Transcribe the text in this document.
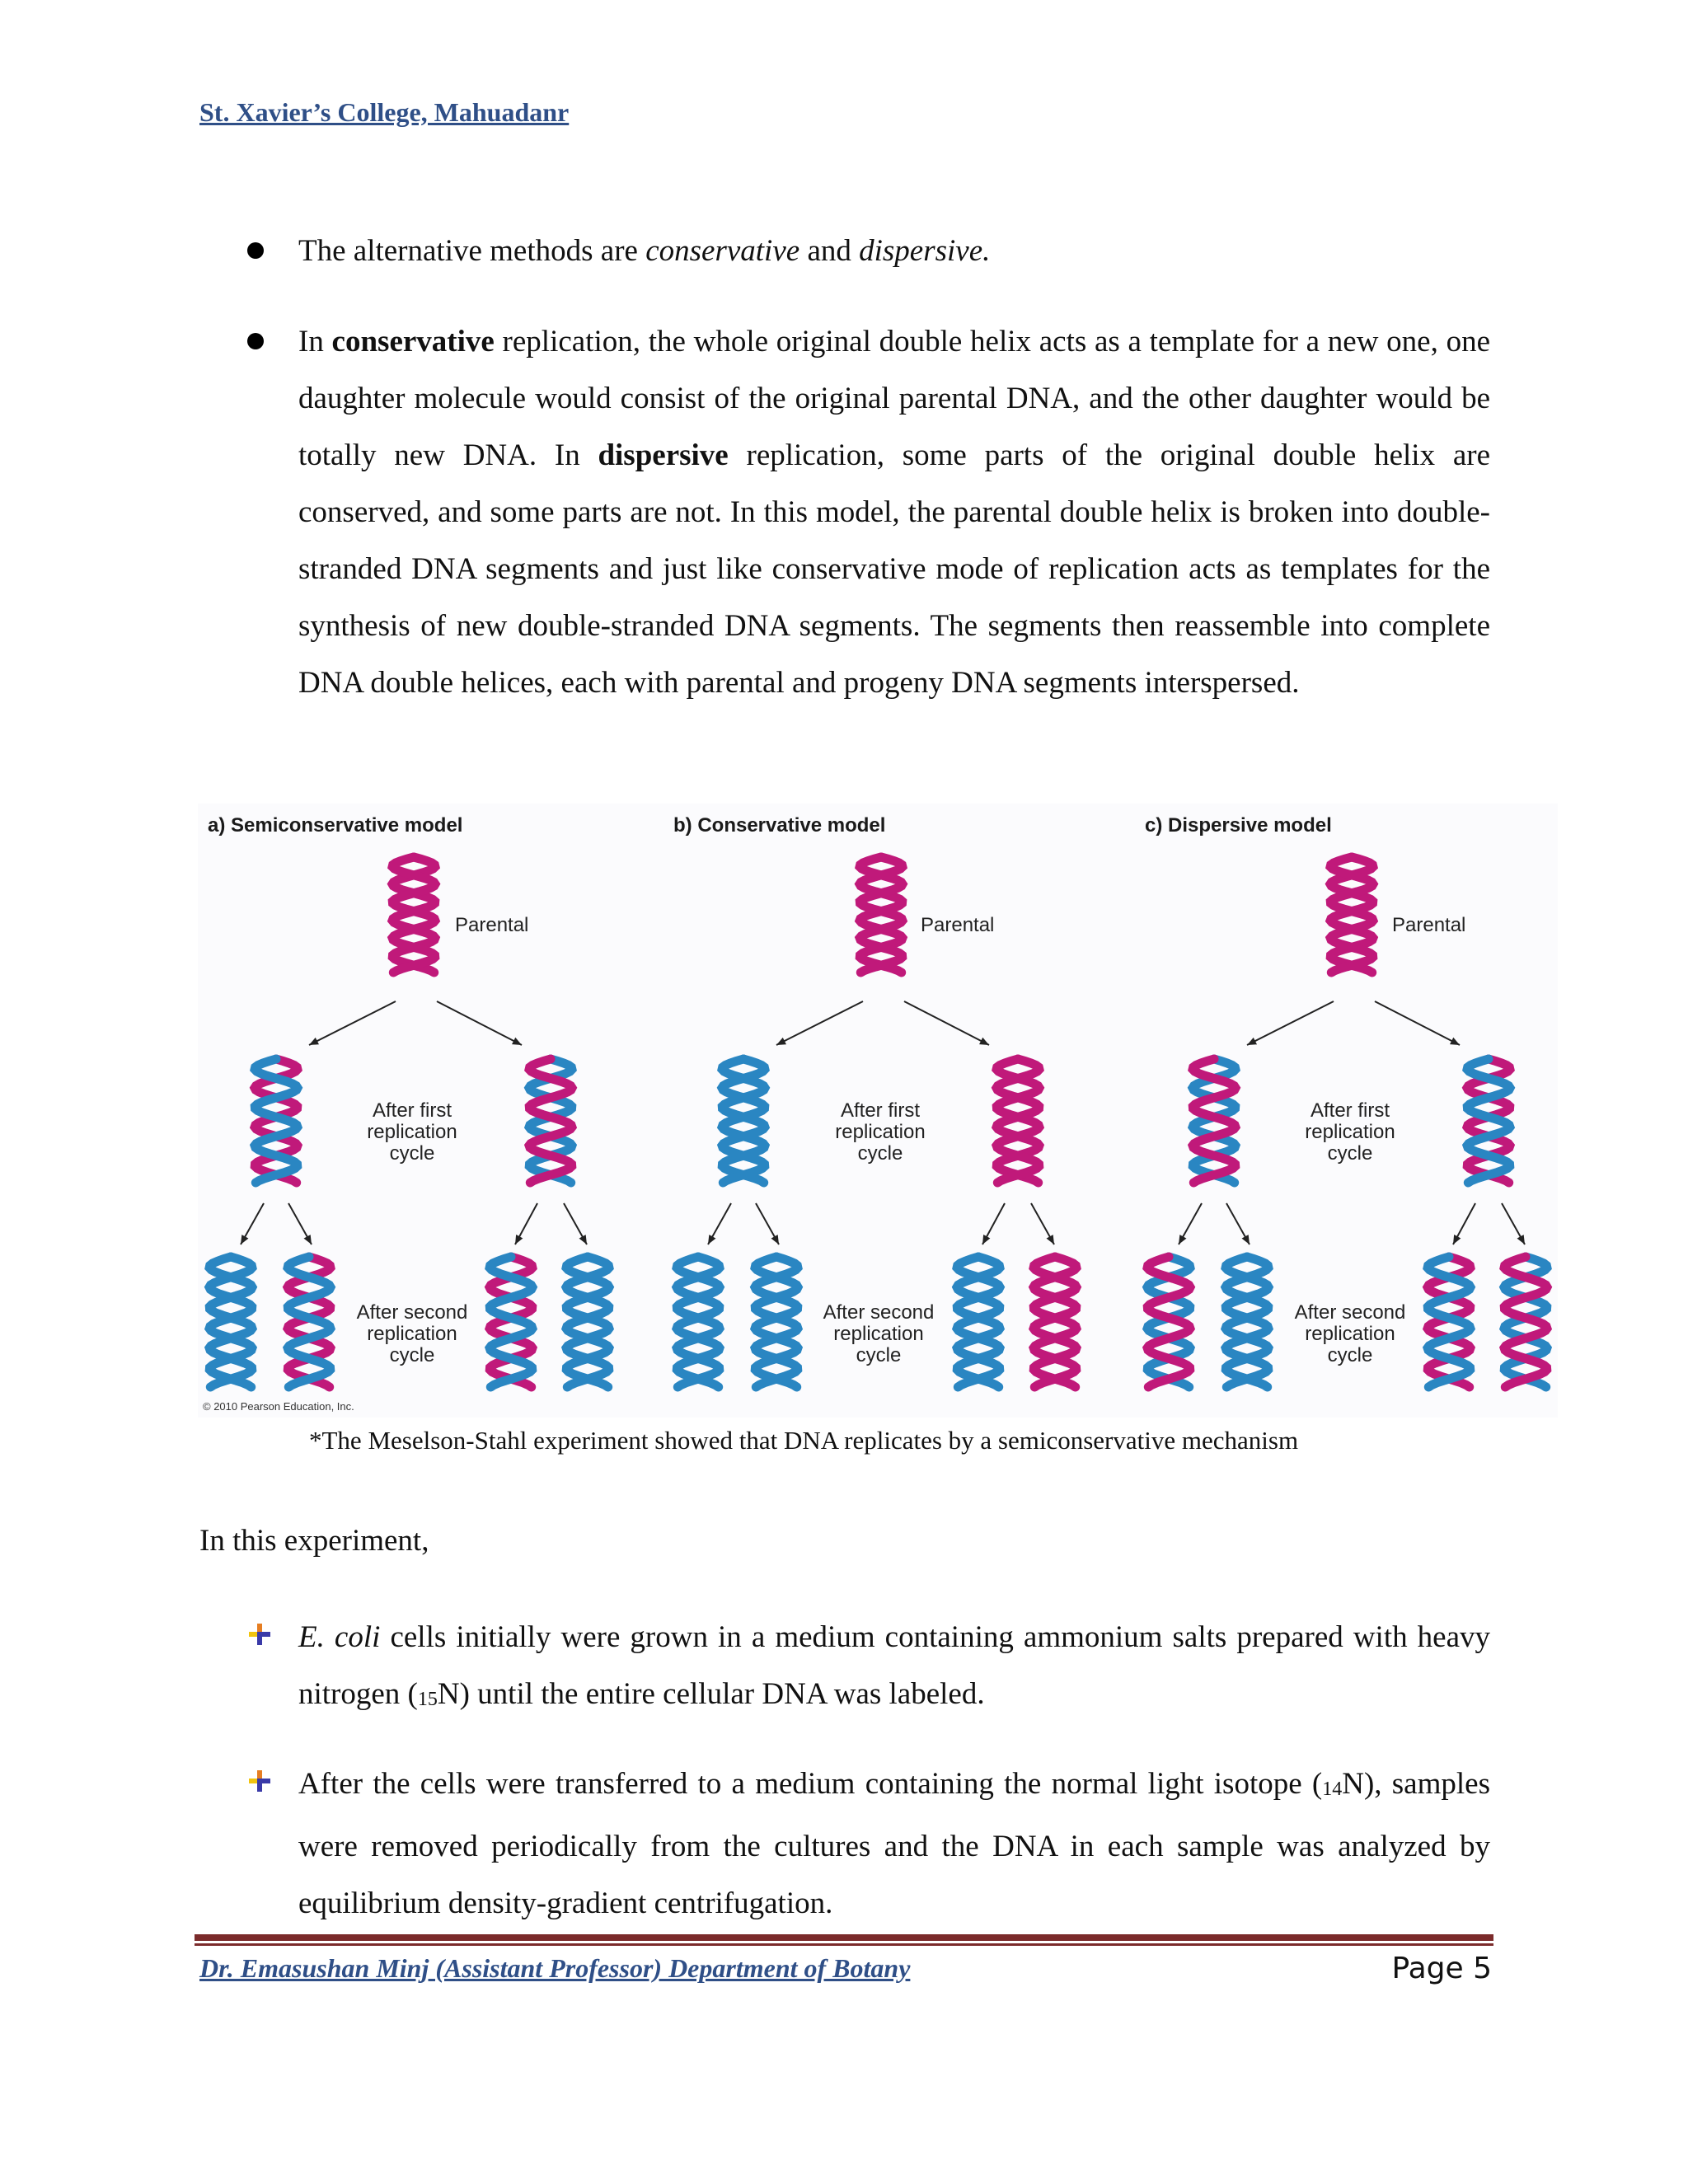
St. Xavier’s College, Mahuadanr
The alternative methods are conservative and dispersive.
In conservative replication, the whole original double helix acts as a template for a new one, one daughter molecule would consist of the original parental DNA, and the other daughter would be totally new DNA. In dispersive replication, some parts of the original double helix are conserved, and some parts are not. In this model, the parental double helix is broken into double-stranded DNA segments and just like conservative mode of replication acts as templates for the synthesis of new double-stranded DNA segments. The segments then reassemble into complete DNA double helices, each with parental and progeny DNA segments interspersed.
a) Semiconservative model	b) Conservative model	c) Dispersive model
Parental	Parental	Parental
After first
replication
cycle
After first
replication
cycle
After first
replication
cycle
After second
replication
cycle
After second
replication
cycle
After second
replication
cycle
© 2010 Pearson Education, Inc.
*The Meselson-Stahl experiment showed that DNA replicates by a semiconservative mechanism
In this experiment,
E. coli cells initially were grown in a medium containing ammonium salts prepared with heavy nitrogen $(_{15}N)$ until the entire cellular DNA was labeled.
After the cells were transferred to a medium containing the normal light isotope $(_{14}N)$, samples were removed periodically from the cultures and the DNA in each sample was analyzed by equilibrium density-gradient centrifugation.
Dr. Emasushan Minj (Assistant Professor) Department of Botany	Page 5
